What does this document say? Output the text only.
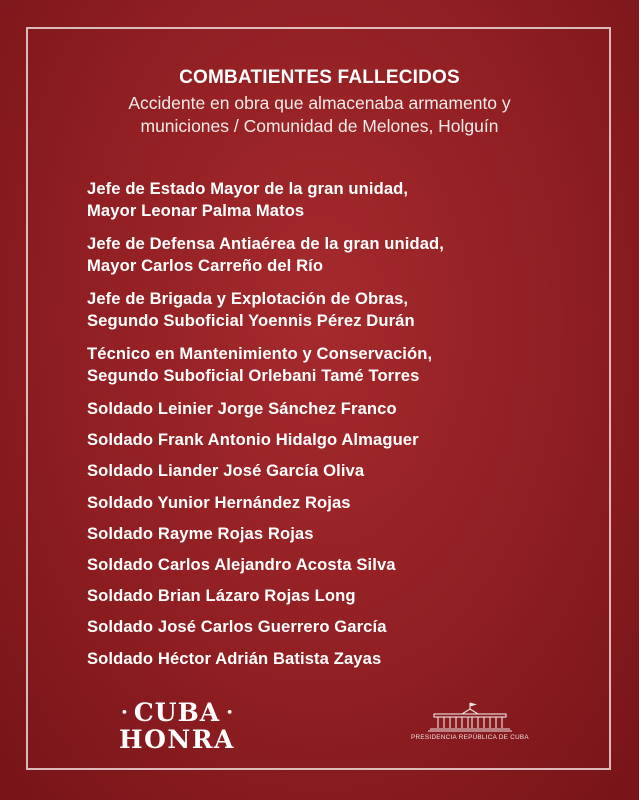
COMBATIENTES FALLECIDOS
Accidente en obra que almacenaba armamento y
municiones / Comunidad de Melones, Holguín
Jefe de Estado Mayor de la gran unidad,
Mayor Leonar Palma Matos
Jefe de Defensa Antiaérea de la gran unidad,
Mayor Carlos Carreño del Río
Jefe de Brigada y Explotación de Obras,
Segundo Suboficial Yoennis Pérez Durán
Técnico en Mantenimiento y Conservación,
Segundo Suboficial Orlebani Tamé Torres
Soldado Leinier Jorge Sánchez Franco
Soldado Frank Antonio Hidalgo Almaguer
Soldado Liander José García Oliva
Soldado Yunior Hernández Rojas
Soldado Rayme Rojas Rojas
Soldado Carlos Alejandro Acosta Silva
Soldado Brian Lázaro Rojas Long
Soldado José Carlos Guerrero García
Soldado Héctor Adrián Batista Zayas
• CUBA •
HONRA	PRESIDENCIA REPÚBLICA DE CUBA
